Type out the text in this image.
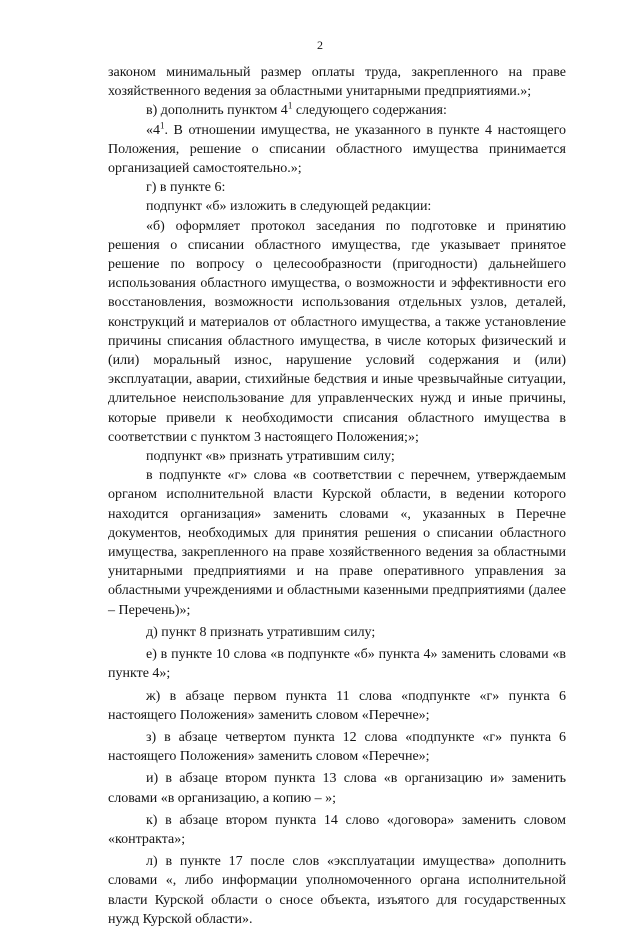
2

законом минимальный размер оплаты труда, закрепленного на праве хозяйственного ведения за областными унитарными предприятиями.»;

в) дополнить пунктом $4^1$ следующего содержания:

«$4^1$. В отношении имущества, не указанного в пункте 4 настоящего Положения, решение о списании областного имущества принимается организацией самостоятельно.»;

г) в пункте 6:

подпункт «б» изложить в следующей редакции:

«б) оформляет протокол заседания по подготовке и принятию решения о списании областного имущества, где указывает принятое решение по вопросу о целесообразности (пригодности) дальнейшего использования областного имущества, о возможности и эффективности его восстановления, возможности использования отдельных узлов, деталей, конструкций и материалов от областного имущества, а также установление причины списания областного имущества, в числе которых физический и (или) моральный износ, нарушение условий содержания и (или) эксплуатации, аварии, стихийные бедствия и иные чрезвычайные ситуации, длительное неиспользование для управленческих нужд и иные причины, которые привели к необходимости списания областного имущества в соответствии с пунктом 3 настоящего Положения;»;

подпункт «в» признать утратившим силу;

в подпункте «г» слова «в соответствии с перечнем, утверждаемым органом исполнительной власти Курской области, в ведении которого находится организация» заменить словами «, указанных в Перечне документов, необходимых для принятия решения о списании областного имущества, закрепленного на праве хозяйственного ведения за областными унитарными предприятиями и на праве оперативного управления за областными учреждениями и областными казенными предприятиями (далее – Перечень)»;

д) пункт 8 признать утратившим силу;

е) в пункте 10 слова «в подпункте «б» пункта 4» заменить словами «в пункте 4»;

ж) в абзаце первом пункта 11 слова «подпункте «г» пункта 6 настоящего Положения» заменить словом «Перечне»;

з) в абзаце четвертом пункта 12 слова «подпункте «г» пункта 6 настоящего Положения» заменить словом «Перечне»;

и) в абзаце втором пункта 13 слова «в организацию и» заменить словами «в организацию, а копию – »;

к) в абзаце втором пункта 14 слово «договора» заменить словом «контракта»;

л) в пункте 17 после слов «эксплуатации имущества» дополнить словами «, либо информации уполномоченного органа исполнительной власти Курской области о сносе объекта, изъятого для государственных нужд Курской области».
